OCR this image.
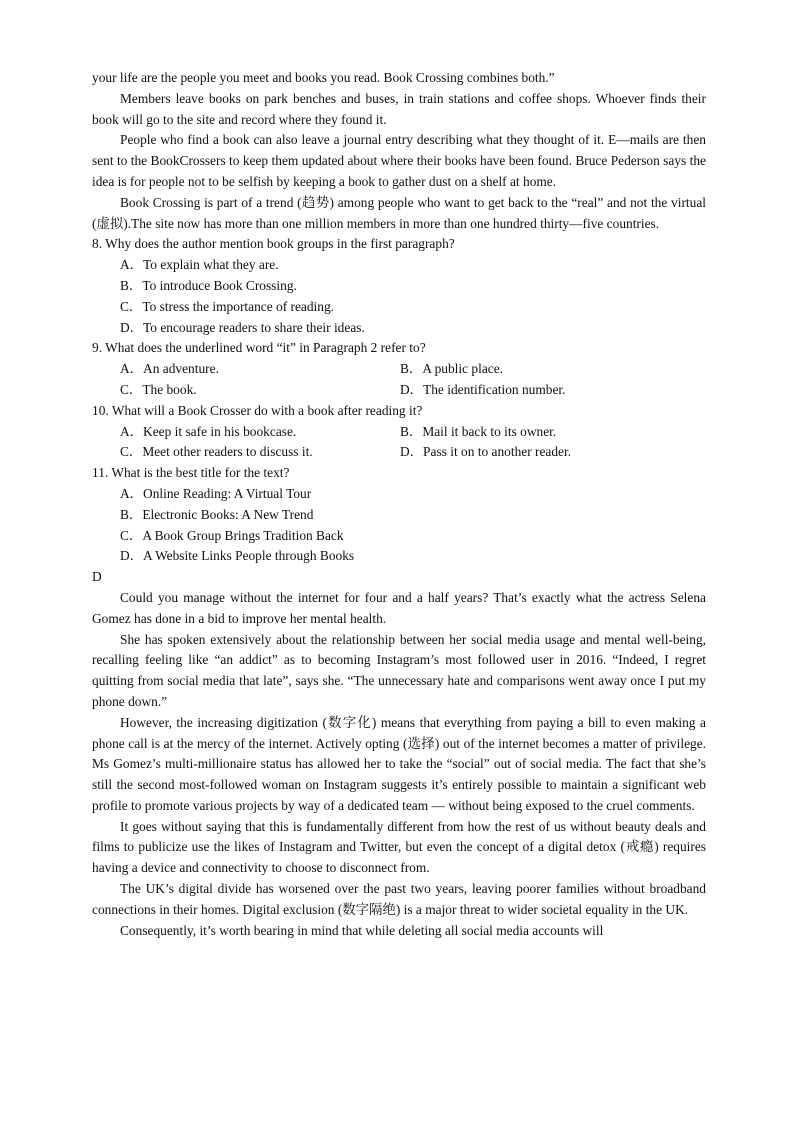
your life are the people you meet and books you read. Book Crossing combines both.”

Members leave books on park benches and buses, in train stations and coffee shops. Whoever finds their book will go to the site and record where they found it.

People who find a book can also leave a journal entry describing what they thought of it. E—mails are then sent to the BookCrossers to keep them updated about where their books have been found. Bruce Pederson says the idea is for people not to be selfish by keeping a book to gather dust on a shelf at home.

Book Crossing is part of a trend (趋势) among people who want to get back to the “real” and not the virtual (虚拟).The site now has more than one million members in more than one hundred thirty—five countries.

8. Why does the author mention book groups in the first paragraph?

A．To explain what they are.

B．To introduce Book Crossing.

C．To stress the importance of reading.

D．To encourage readers to share their ideas.

9. What does the underlined word “it” in Paragraph 2 refer to?

A．An adventure.	B．A public place.
C．The book.	D．The identification number.

10. What will a Book Crosser do with a book after reading it?

A．Keep it safe in his bookcase.	B．Mail it back to its owner.
C．Meet other readers to discuss it.	D．Pass it on to another reader.

11. What is the best title for the text?

A．Online Reading: A Virtual Tour

B．Electronic Books: A New Trend

C．A Book Group Brings Tradition Back

D．A Website Links People through Books

D

Could you manage without the internet for four and a half years? That’s exactly what the actress Selena Gomez has done in a bid to improve her mental health.

She has spoken extensively about the relationship between her social media usage and mental well-being, recalling feeling like “an addict” as to becoming Instagram’s most followed user in 2016. “Indeed, I regret quitting from social media that late”, says she. “The unnecessary hate and comparisons went away once I put my phone down.”

However, the increasing digitization (数字化) means that everything from paying a bill to even making a phone call is at the mercy of the internet. Actively opting (选择) out of the internet becomes a matter of privilege. Ms Gomez’s multi-millionaire status has allowed her to take the “social” out of social media. The fact that she’s still the second most-followed woman on Instagram suggests it’s entirely possible to maintain a significant web profile to promote various projects by way of a dedicated team — without being exposed to the cruel comments.

It goes without saying that this is fundamentally different from how the rest of us without beauty deals and films to publicize use the likes of Instagram and Twitter, but even the concept of a digital detox (戒瘾) requires having a device and connectivity to choose to disconnect from.

The UK’s digital divide has worsened over the past two years, leaving poorer families without broadband connections in their homes. Digital exclusion (数字隔绝) is a major threat to wider societal equality in the UK.

Consequently, it’s worth bearing in mind that while deleting all social media accounts will
